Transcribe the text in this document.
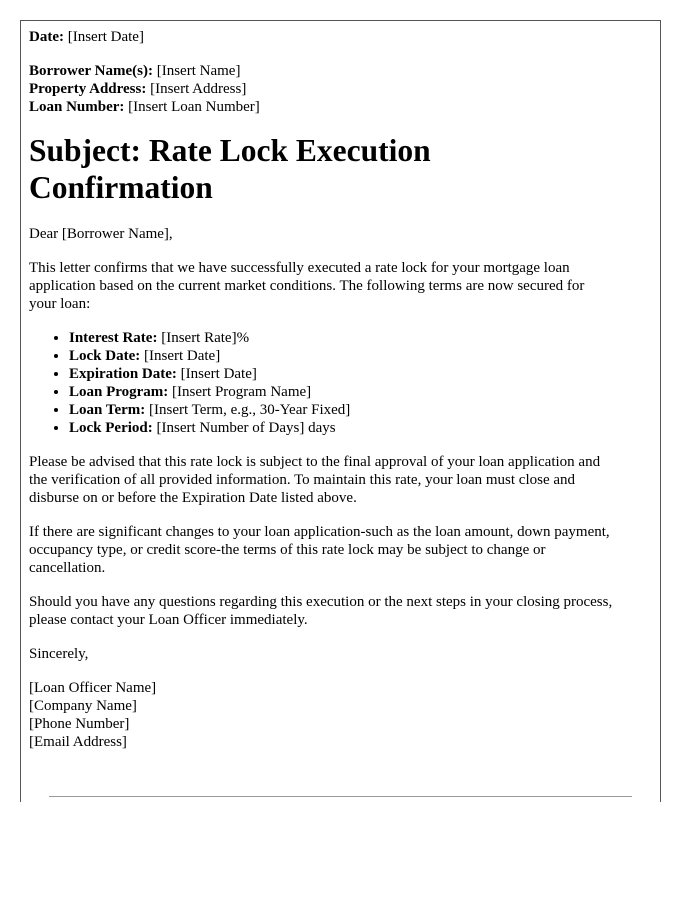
Date: [Insert Date]
Borrower Name(s): [Insert Name]
Property Address: [Insert Address]
Loan Number: [Insert Loan Number]
Subject: Rate Lock Execution Confirmation

Dear [Borrower Name],

This letter confirms that we have successfully executed a rate lock for your mortgage loan application based on the current market conditions. The following terms are now secured for your loan:

• Interest Rate: [Insert Rate]%
• Lock Date: [Insert Date]
• Expiration Date: [Insert Date]
• Loan Program: [Insert Program Name]
• Loan Term: [Insert Term, e.g., 30-Year Fixed]
• Lock Period: [Insert Number of Days] days

Please be advised that this rate lock is subject to the final approval of your loan application and the verification of all provided information. To maintain this rate, your loan must close and disburse on or before the Expiration Date listed above.

If there are significant changes to your loan application-such as the loan amount, down payment, occupancy type, or credit score-the terms of this rate lock may be subject to change or cancellation.

Should you have any questions regarding this execution or the next steps in your closing process, please contact your Loan Officer immediately.

Sincerely,

[Loan Officer Name]
[Company Name]
[Phone Number]
[Email Address]
